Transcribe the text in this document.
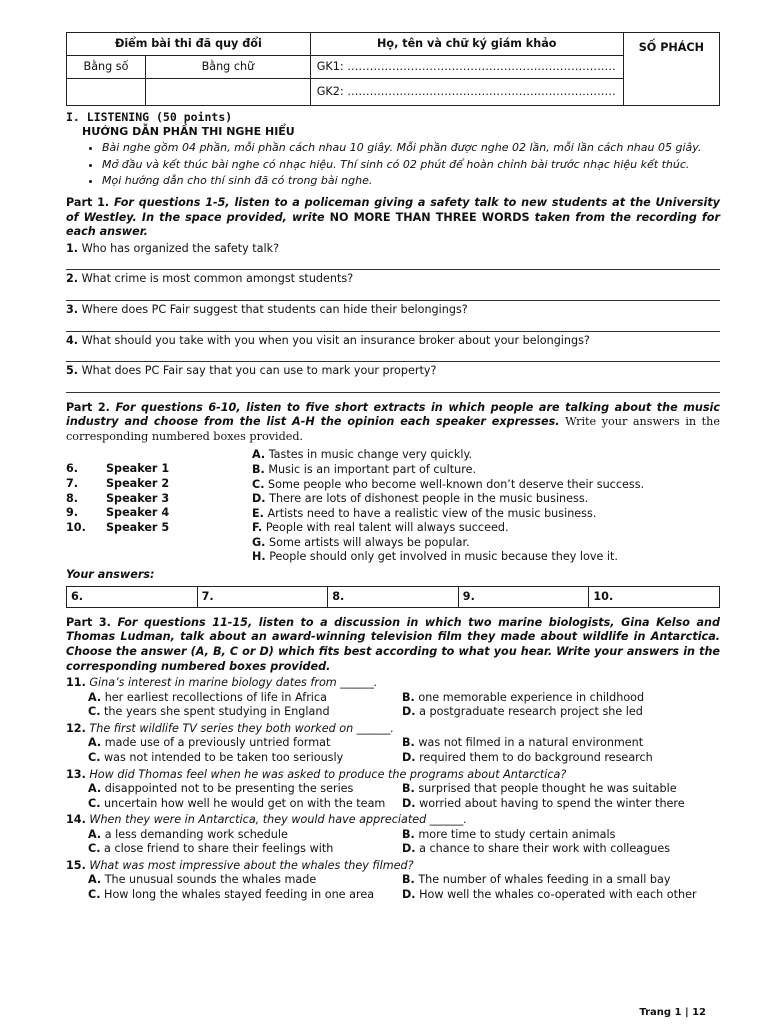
Điểm bài thi đã quy đổi		Họ, tên và chữ ký giám khảo	SỐ PHÁCH
Bằng số	Bằng chữ	GK1: ………………………………………………………………	
		GK2: ………………………………………………………………	
I. LISTENING (50 points)
HƯỚNG DẪN PHẦN THI NGHE HIỂU
• Bài nghe gồm 04 phần, mỗi phần cách nhau 10 giây. Mỗi phần được nghe 02 lần, mỗi lần cách nhau 05 giây.
• Mở đầu và kết thúc bài nghe có nhạc hiệu. Thí sinh có 02 phút để hoàn chỉnh bài trước nhạc hiệu kết thúc.
• Mọi hướng dẫn cho thí sinh đã có trong bài nghe.
Part 1. For questions 1-5, listen to a policeman giving a safety talk to new students at the University of Westley. In the space provided, write NO MORE THAN THREE WORDS taken from the recording for each answer.
1. Who has organized the safety talk?
2. What crime is most common amongst students?
3. Where does PC Fair suggest that students can hide their belongings?
4. What should you take with you when you visit an insurance broker about your belongings?
5. What does PC Fair say that you can use to mark your property?
Part 2. For questions 6-10, listen to five short extracts in which people are talking about the music industry and choose from the list A-H the opinion each speaker expresses. Write your answers in the corresponding numbered boxes provided.
6. Speaker 1
7. Speaker 2
8. Speaker 3
9. Speaker 4
10. Speaker 5
A. Tastes in music change very quickly.
B. Music is an important part of culture.
C. Some people who become well-known don’t deserve their success.
D. There are lots of dishonest people in the music business.
E. Artists need to have a realistic view of the music business.
F. People with real talent will always succeed.
G. Some artists will always be popular.
H. People should only get involved in music because they love it.
Your answers:
6.	7.	8.	9.	10.
Part 3. For questions 11-15, listen to a discussion in which two marine biologists, Gina Kelso and Thomas Ludman, talk about an award-winning television film they made about wildlife in Antarctica. Choose the answer (A, B, C or D) which fits best according to what you hear. Write your answers in the corresponding numbered boxes provided.
11. Gina’s interest in marine biology dates from ______.
A. her earliest recollections of life in Africa	B. one memorable experience in childhood
C. the years she spent studying in England	D. a postgraduate research project she led
12. The first wildlife TV series they both worked on ______.
A. made use of a previously untried format	B. was not filmed in a natural environment
C. was not intended to be taken too seriously	D. required them to do background research
13. How did Thomas feel when he was asked to produce the programs about Antarctica?
A. disappointed not to be presenting the series	B. surprised that people thought he was suitable
C. uncertain how well he would get on with the team	D. worried about having to spend the winter there
14. When they were in Antarctica, they would have appreciated ______.
A. a less demanding work schedule	B. more time to study certain animals
C. a close friend to share their feelings with	D. a chance to share their work with colleagues
15. What was most impressive about the whales they filmed?
A. The unusual sounds the whales made	B. The number of whales feeding in a small bay
C. How long the whales stayed feeding in one area	D. How well the whales co-operated with each other
Trang 1 | 12
